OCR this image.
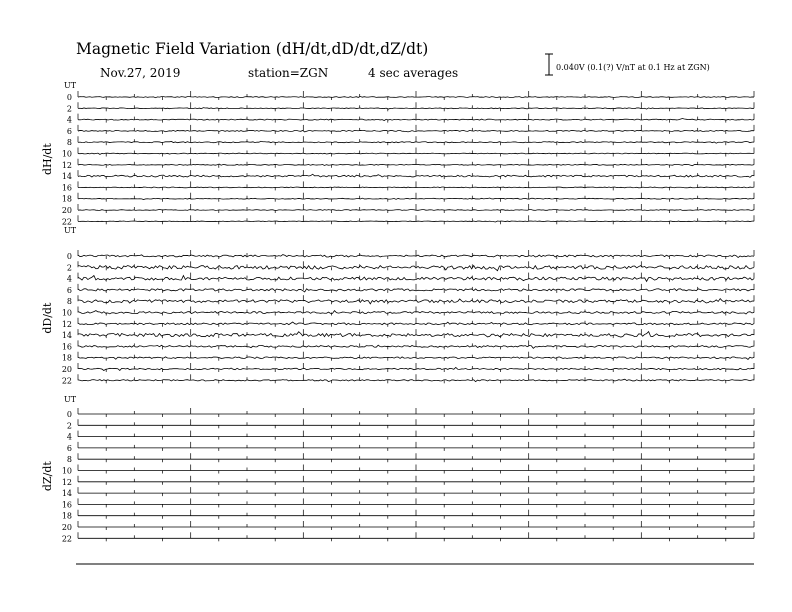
Magnetic Field Variation (dH/dt,dD/dt,dZ/dt)
Nov.27, 2019	station=ZGN	4 sec averages	0.040V (0.1(?) V/nT at 0.1 Hz at ZGN)
UT
dH/dt
0
2
4
6
8
10
12
14
16
18
20
22
UT
dD/dt
0
2
4
6
8
10
12
14
16
18
20
22
UT
dZ/dt
0
2
4
6
8
10
12
14
16
18
20
22
